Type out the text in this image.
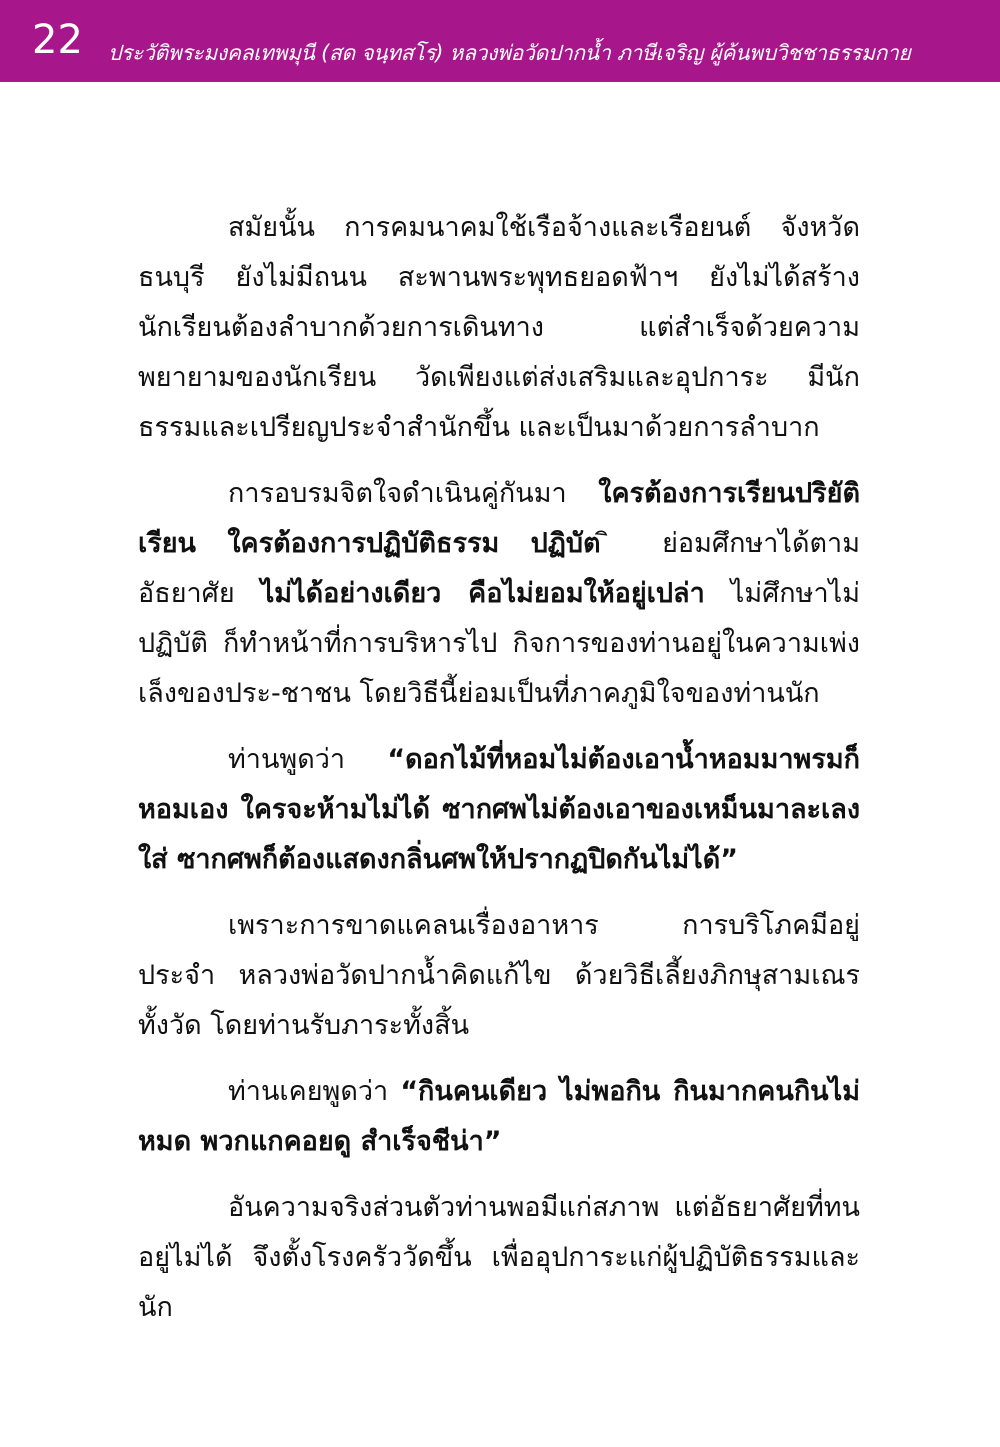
22 ประวัติพระมงคลเทพมุนี (สด จนฺทสโร) หลวงพ่อวัดปากน้ำ ภาษีเจริญ ผู้ค้นพบวิชชาธรรมกาย

สมัยนั้น การคมนาคมใช้เรือจ้างและเรือยนต์ จังหวัดธนบุรี ยังไม่มีถนน สะพานพระพุทธยอดฟ้าฯ ยังไม่ได้สร้าง นักเรียนต้องลำบากด้วยการเดินทาง แต่สำเร็จด้วยความพยายามของนักเรียน วัดเพียงแต่ส่งเสริมและอุปการะ มีนักธรรมและเปรียญประจำสำนักขึ้น และเป็นมาด้วยการลำบาก

การอบรมจิตใจดำเนินคู่กันมา ใครต้องการเรียนปริยัติเรียน ใครต้องการปฏิบัติธรรม ปฏิบัต ิ ย่อมศึกษาได้ตามอัธยาศัย ไม่ได้อย่างเดียว คือไม่ยอมให้อยู่เปล่า ไม่ศึกษาไม่ปฏิบัติ ก็ทำหน้าที่การบริหารไป กิจการของท่านอยู่ในความเพ่งเล็งของประ-ชาชน โดยวิธีนี้ย่อมเป็นที่ภาคภูมิใจของท่านนัก

ท่านพูดว่า “ดอกไม้ที่หอมไม่ต้องเอาน้ำหอมมาพรมก็หอมเอง ใครจะห้ามไม่ได้ ซากศพไม่ต้องเอาของเหม็นมาละเลงใส่ ซากศพก็ต้องแสดงกลิ่นศพให้ปรากฏปิดกันไม่ได้”

เพราะการขาดแคลนเรื่องอาหาร การบริโภคมีอยู่ประจำ หลวงพ่อวัดปากน้ำคิดแก้ไข ด้วยวิธีเลี้ยงภิกษุสามเณรทั้งวัด โดยท่านรับภาระทั้งสิ้น

ท่านเคยพูดว่า “กินคนเดียว ไม่พอกิน กินมากคนกินไม่หมด พวกแกคอยดู สำเร็จชีน่า”

อันความจริงส่วนตัวท่านพอมีแก่สภาพ แต่อัธยาศัยที่ทนอยู่ไม่ได้ จึงตั้งโรงครัววัดขึ้น เพื่ออุปการะแก่ผู้ปฏิบัติธรรมและนัก
